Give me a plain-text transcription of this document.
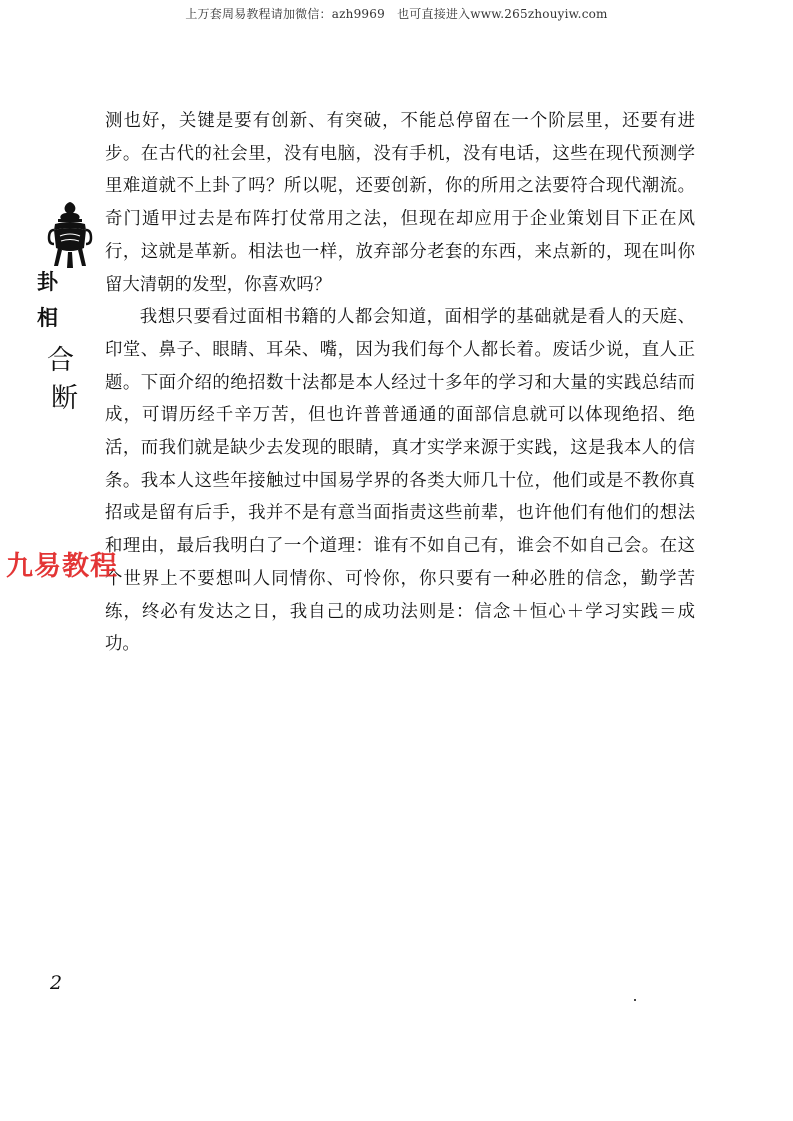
上万套周易教程请加微信：azh9969　也可直接进入www.265zhouyiw.com
卦
相
合
断

测也好，关键是要有创新、有突破，不能总停留在一个阶层里，还要有进步。在古代的社会里，没有电脑，没有手机，没有电话，这些在现代预测学里难道就不上卦了吗？所以呢，还要创新，你的所用之法要符合现代潮流。奇门遁甲过去是布阵打仗常用之法，但现在却应用于企业策划目下正在风行，这就是革新。相法也一样，放弃部分老套的东西，来点新的，现在叫你留大清朝的发型，你喜欢吗？

我想只要看过面相书籍的人都会知道，面相学的基础就是看人的天庭、印堂、鼻子、眼睛、耳朵、嘴，因为我们每个人都长着。废话少说，直人正题。下面介绍的绝招数十法都是本人经过十多年的学习和大量的实践总结而成，可谓历经千辛万苦，但也许普普通通的面部信息就可以体现绝招、绝活，而我们就是缺少去发现的眼睛，真才实学来源于实践，这是我本人的信条。我本人这些年接触过中国易学界的各类大师几十位，他们或是不教你真招或是留有后手，我并不是有意当面指责这些前辈，也许他们有他们的想法和理由，最后我明白了一个道理：谁有不如自己有，谁会不如自己会。在这个世界上不要想叫人同情你、可怜你，你只要有一种必胜的信念，勤学苦练，终必有发达之日，我自己的成功法则是：信念＋恒心＋学习实践＝成功。

九易教程
2
